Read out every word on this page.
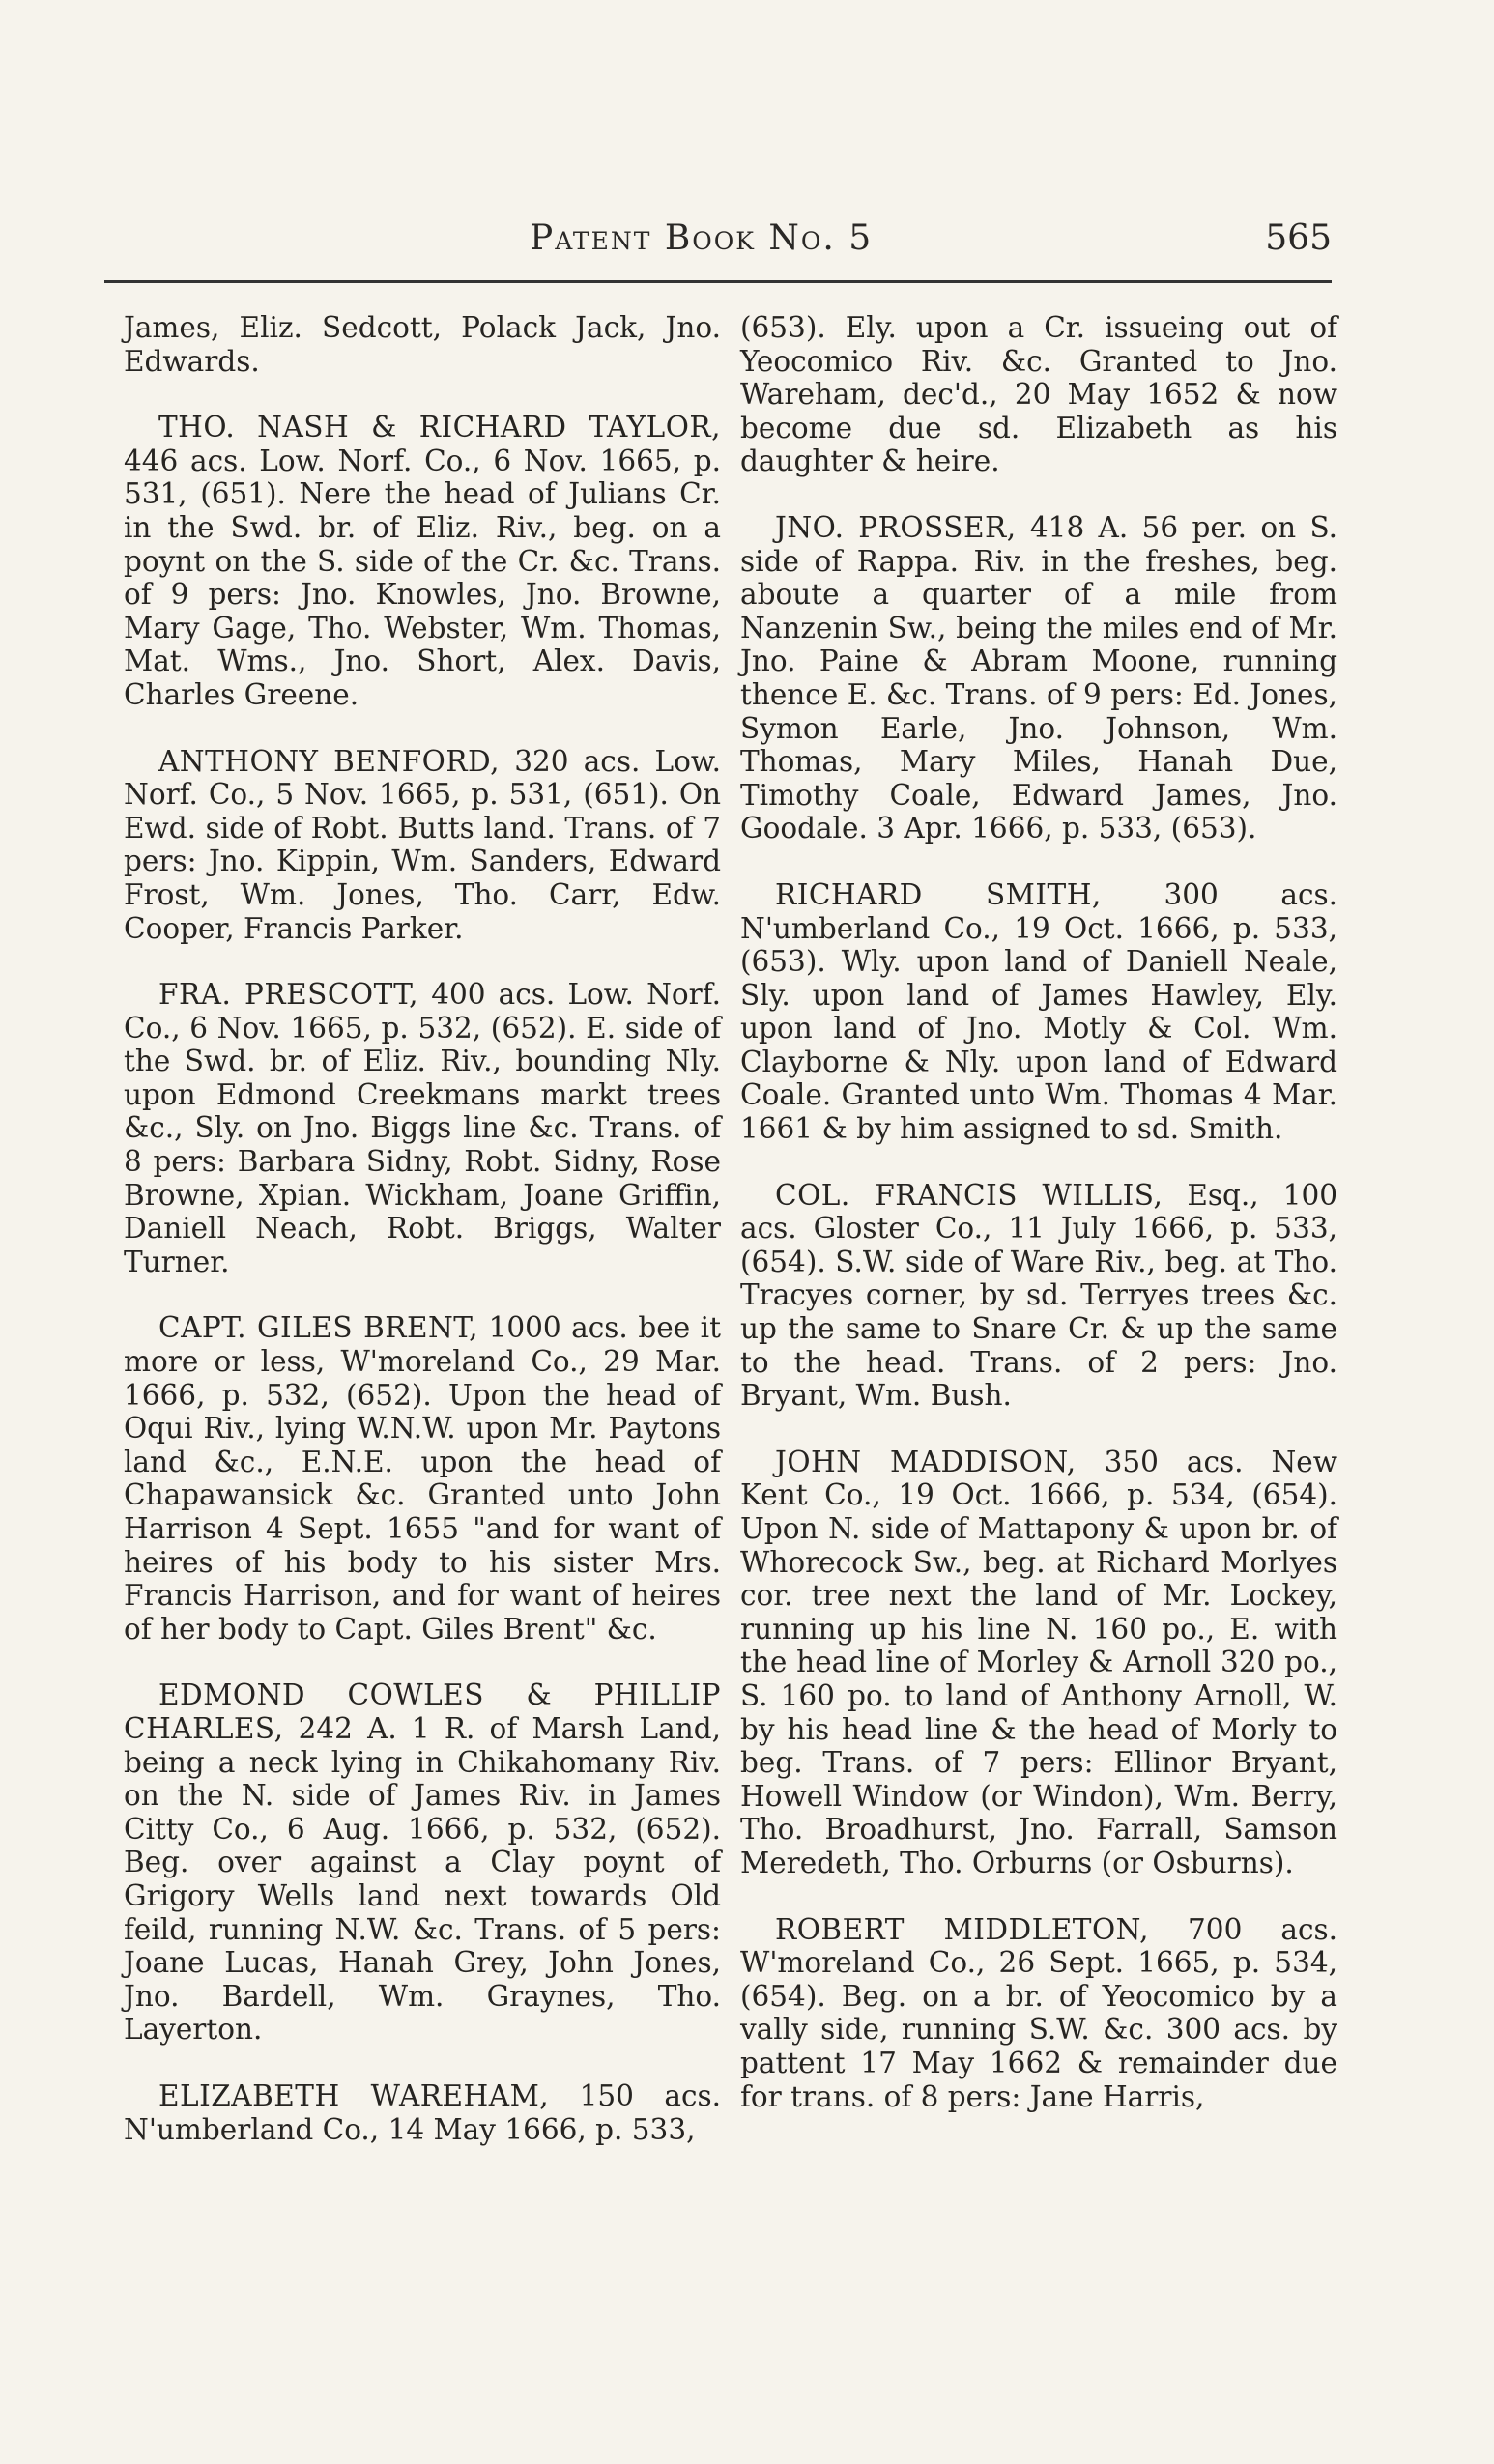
Patent Book No. 5	565

James, Eliz. Sedcott, Polack Jack, Jno. Edwards.

THO. NASH & RICHARD TAYLOR, 446 acs. Low. Norf. Co., 6 Nov. 1665, p. 531, (651). Nere the head of Julians Cr. in the Swd. br. of Eliz. Riv., beg. on a poynt on the S. side of the Cr. &c. Trans. of 9 pers: Jno. Knowles, Jno. Browne, Mary Gage, Tho. Webster, Wm. Thomas, Mat. Wms., Jno. Short, Alex. Davis, Charles Greene.

ANTHONY BENFORD, 320 acs. Low. Norf. Co., 5 Nov. 1665, p. 531, (651). On Ewd. side of Robt. Butts land. Trans. of 7 pers: Jno. Kippin, Wm. Sanders, Edward Frost, Wm. Jones, Tho. Carr, Edw. Cooper, Francis Parker.

FRA. PRESCOTT, 400 acs. Low. Norf. Co., 6 Nov. 1665, p. 532, (652). E. side of the Swd. br. of Eliz. Riv., bounding Nly. upon Edmond Creekmans markt trees &c., Sly. on Jno. Biggs line &c. Trans. of 8 pers: Barbara Sidny, Robt. Sidny, Rose Browne, Xpian. Wickham, Joane Griffin, Daniell Neach, Robt. Briggs, Walter Turner.

CAPT. GILES BRENT, 1000 acs. bee it more or less, W'moreland Co., 29 Mar. 1666, p. 532, (652). Upon the head of Oqui Riv., lying W.N.W. upon Mr. Paytons land &c., E.N.E. upon the head of Chapawansick &c. Granted unto John Harrison 4 Sept. 1655 "and for want of heires of his body to his sister Mrs. Francis Harrison, and for want of heires of her body to Capt. Giles Brent" &c.

EDMOND COWLES & PHILLIP CHARLES, 242 A. 1 R. of Marsh Land, being a neck lying in Chikahomany Riv. on the N. side of James Riv. in James Citty Co., 6 Aug. 1666, p. 532, (652). Beg. over against a Clay poynt of Grigory Wells land next towards Old feild, running N.W. &c. Trans. of 5 pers: Joane Lucas, Hanah Grey, John Jones, Jno. Bardell, Wm. Graynes, Tho. Layerton.

ELIZABETH WAREHAM, 150 acs. N'umberland Co., 14 May 1666, p. 533,

(653). Ely. upon a Cr. issueing out of Yeocomico Riv. &c. Granted to Jno. Wareham, dec'd., 20 May 1652 & now become due sd. Elizabeth as his daughter & heire.

JNO. PROSSER, 418 A. 56 per. on S. side of Rappa. Riv. in the freshes, beg. aboute a quarter of a mile from Nanzenin Sw., being the miles end of Mr. Jno. Paine & Abram Moone, running thence E. &c. Trans. of 9 pers: Ed. Jones, Symon Earle, Jno. Johnson, Wm. Thomas, Mary Miles, Hanah Due, Timothy Coale, Edward James, Jno. Goodale. 3 Apr. 1666, p. 533, (653).

RICHARD SMITH, 300 acs. N'umberland Co., 19 Oct. 1666, p. 533, (653). Wly. upon land of Daniell Neale, Sly. upon land of James Hawley, Ely. upon land of Jno. Motly & Col. Wm. Clayborne & Nly. upon land of Edward Coale. Granted unto Wm. Thomas 4 Mar. 1661 & by him assigned to sd. Smith.

COL. FRANCIS WILLIS, Esq., 100 acs. Gloster Co., 11 July 1666, p. 533, (654). S.W. side of Ware Riv., beg. at Tho. Tracyes corner, by sd. Terryes trees &c. up the same to Snare Cr. & up the same to the head. Trans. of 2 pers: Jno. Bryant, Wm. Bush.

JOHN MADDISON, 350 acs. New Kent Co., 19 Oct. 1666, p. 534, (654). Upon N. side of Mattapony & upon br. of Whorecock Sw., beg. at Richard Morlyes cor. tree next the land of Mr. Lockey, running up his line N. 160 po., E. with the head line of Morley & Arnoll 320 po., S. 160 po. to land of Anthony Arnoll, W. by his head line & the head of Morly to beg. Trans. of 7 pers: Ellinor Bryant, Howell Window (or Windon), Wm. Berry, Tho. Broadhurst, Jno. Farrall, Samson Meredeth, Tho. Orburns (or Osburns).

ROBERT MIDDLETON, 700 acs. W'moreland Co., 26 Sept. 1665, p. 534, (654). Beg. on a br. of Yeocomico by a vally side, running S.W. &c. 300 acs. by pattent 17 May 1662 & remainder due for trans. of 8 pers: Jane Harris,
